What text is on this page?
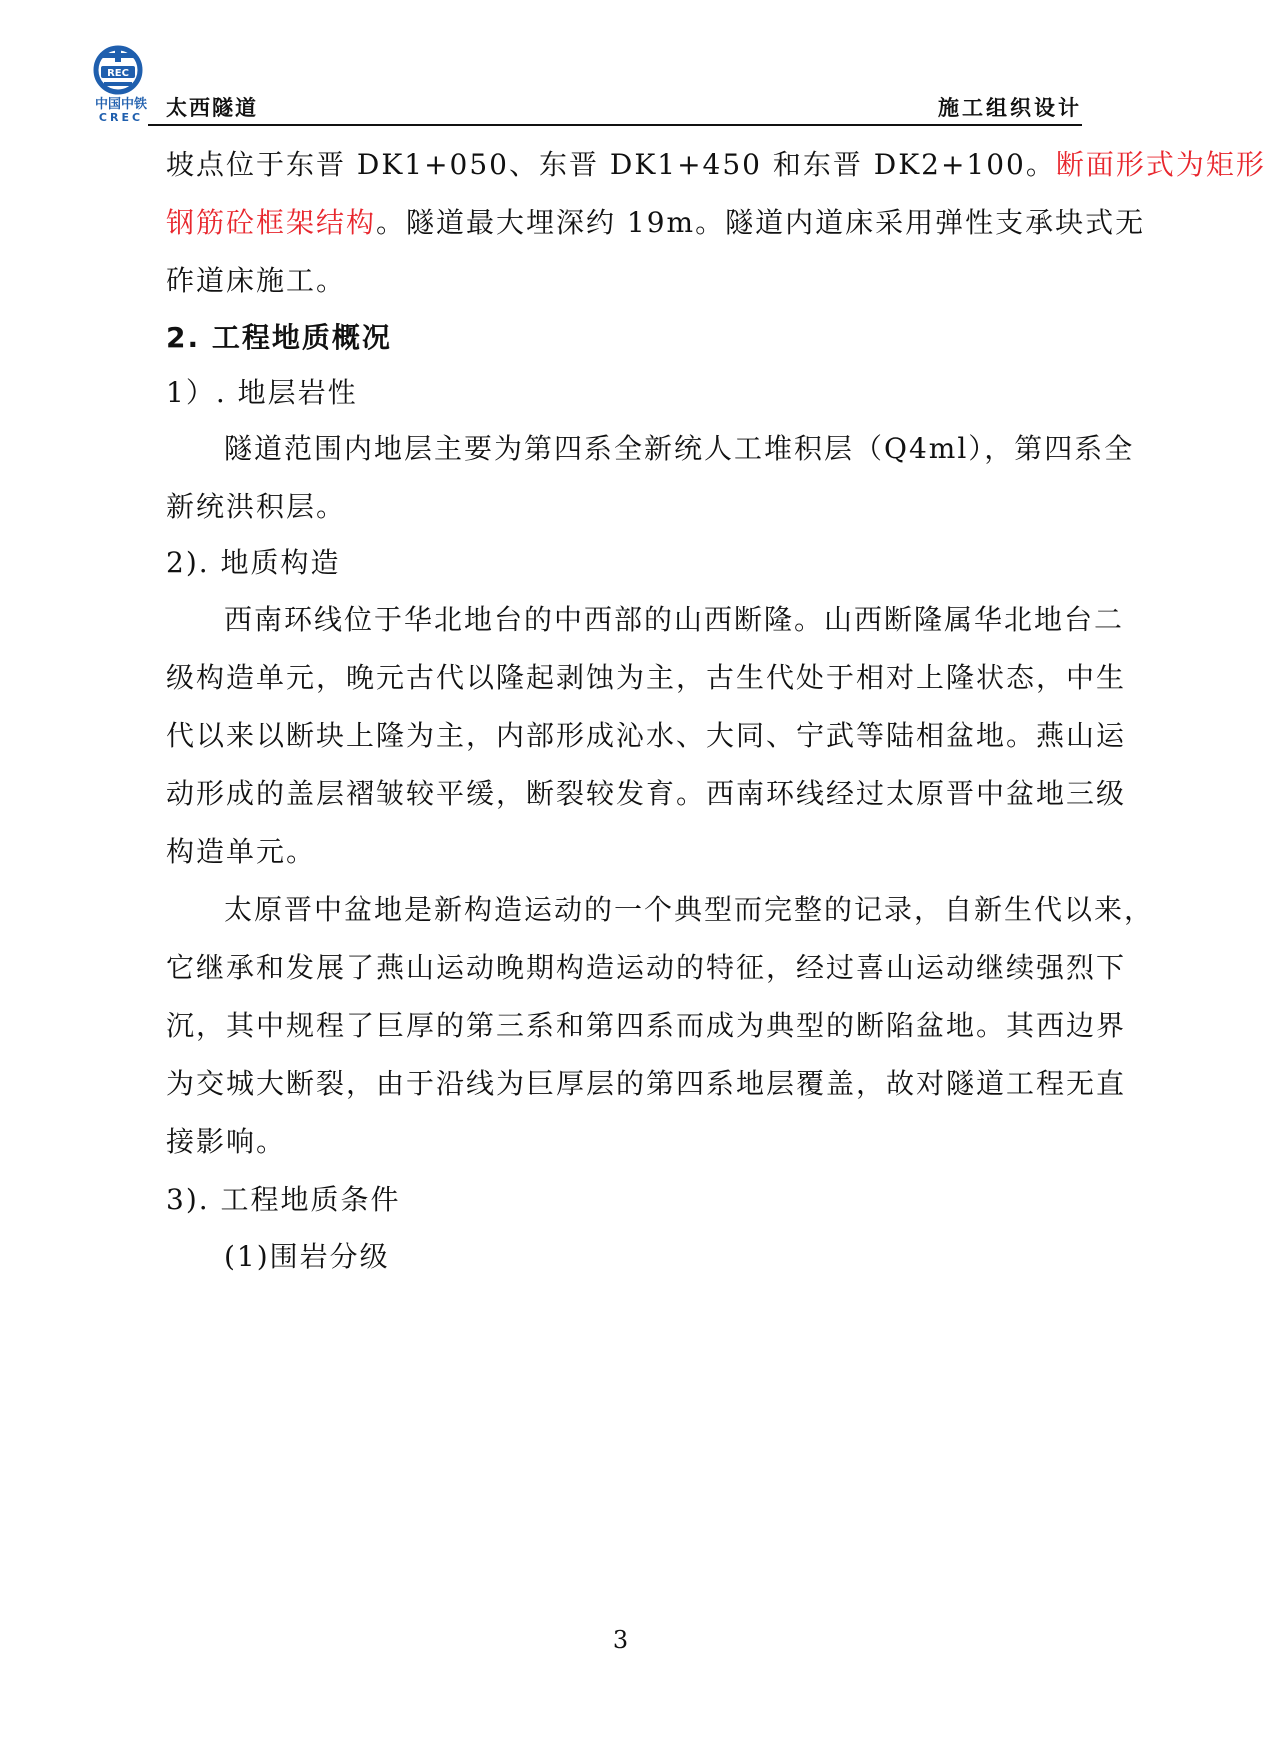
REC
中国中铁
CREC	太西隧道	施工组织设计
坡点位于东晋 DK1+050、东晋 DK1+450 和东晋 DK2+100。断面形式为矩形
钢筋砼框架结构。隧道最大埋深约 19m。隧道内道床采用弹性支承块式无
砟道床施工。
2. 工程地质概况
1）. 地层岩性
隧道范围内地层主要为第四系全新统人工堆积层（Q4ml），第四系全
新统洪积层。
2). 地质构造
西南环线位于华北地台的中西部的山西断隆。山西断隆属华北地台二
级构造单元，晚元古代以隆起剥蚀为主，古生代处于相对上隆状态，中生
代以来以断块上隆为主，内部形成沁水、大同、宁武等陆相盆地。燕山运
动形成的盖层褶皱较平缓，断裂较发育。西南环线经过太原晋中盆地三级
构造单元。
太原晋中盆地是新构造运动的一个典型而完整的记录，自新生代以来，
它继承和发展了燕山运动晚期构造运动的特征，经过喜山运动继续强烈下
沉，其中规程了巨厚的第三系和第四系而成为典型的断陷盆地。其西边界
为交城大断裂，由于沿线为巨厚层的第四系地层覆盖，故对隧道工程无直
接影响。
3). 工程地质条件
(1)围岩分级
3
